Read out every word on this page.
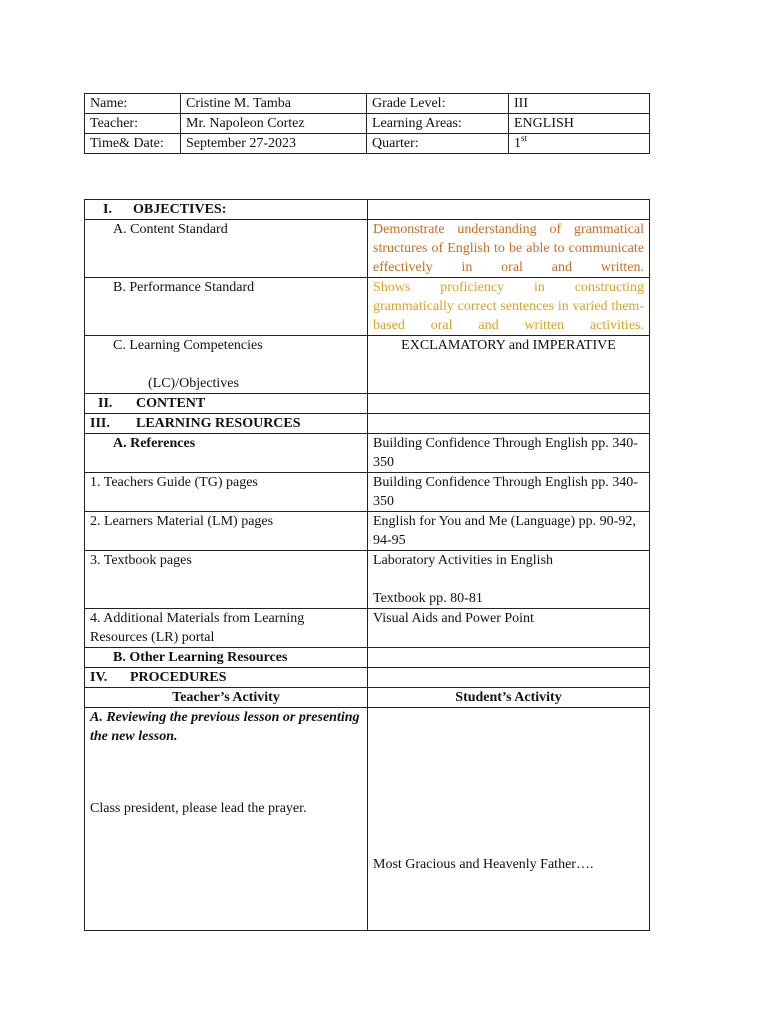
Name:	Cristine M. Tamba	Grade Level:	III
Teacher:	Mr. Napoleon Cortez	Learning Areas:	ENGLISH
Time& Date:	September 27-2023	Quarter:	1st
I. OBJECTIVES:	
A. Content Standard	Demonstrate understanding of grammatical structures of English to be able to communicate effectively in oral and written.
B. Performance Standard	Shows proficiency in constructing grammatically correct sentences in varied them-based oral and written activities.

C. Learning Competencies
(LC)/Objectives	EXCLAMATORY and IMPERATIVE
II. CONTENT	
III. LEARNING RESOURCES	
A. References	Building Confidence Through English pp. 340-350
1. Teachers Guide (TG) pages	Building Confidence Through English pp. 340-350
2. Learners Material (LM) pages	English for You and Me (Language) pp. 90-92, 94-95
3. Textbook pages	Laboratory Activities in English
Textbook pp. 80-81

4. Additional Materials from Learning Resources (LR) portal	Visual Aids and Power Point
B. Other Learning Resources	
IV. PROCEDURES	
Teacher’s Activity	Student’s Activity

A. Reviewing the previous lesson or presenting the new lesson.
Class president, please lead the prayer.	Most Gracious and Heavenly Father….
